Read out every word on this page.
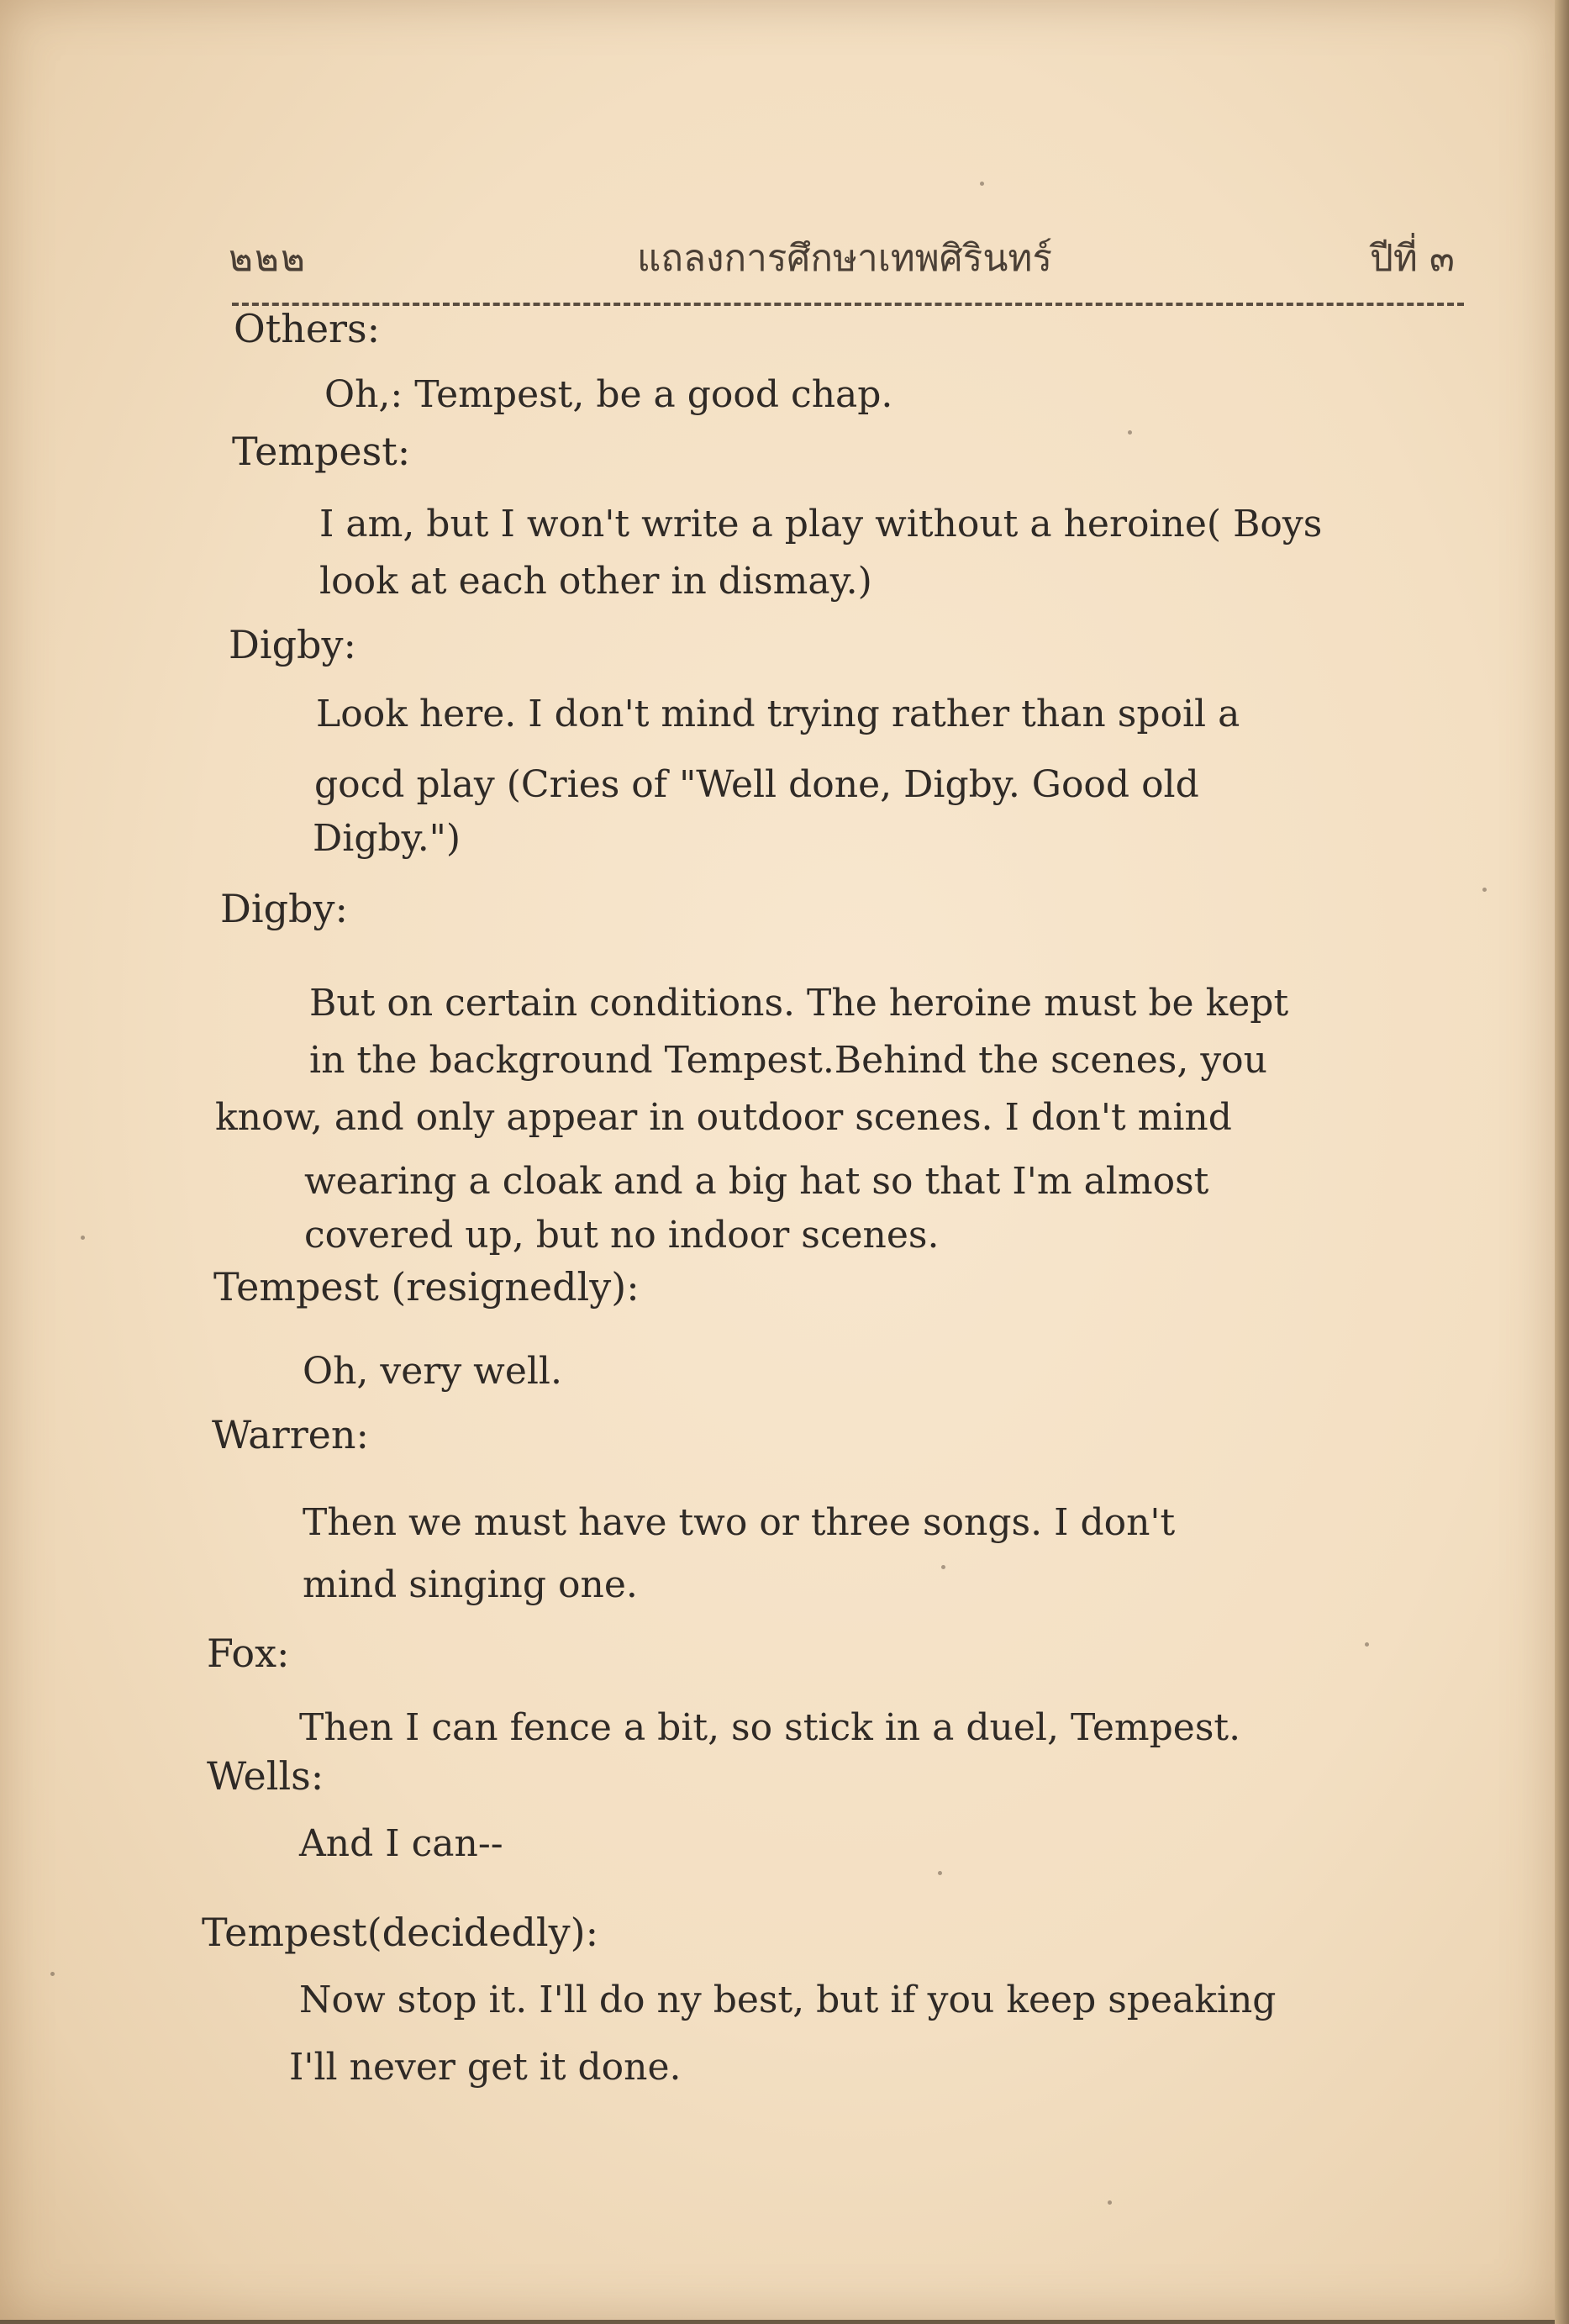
๒๒๒	แถลงการศึกษาเทพศิรินทร์	ปีที่ ๓
Others:
Oh,: Tempest, be a good chap.
Tempest:
I am, but I won't write a play without a heroine( Boys
look at each other in dismay.)
Digby:
Look here. I don't mind trying rather than spoil a
gocd play (Cries of "Well done, Digby. Good old
Digby.")
Digby:
But on certain conditions. The heroine must be kept
in the background Tempest.Behind the scenes, you
know, and only appear in outdoor scenes. I don't mind
wearing a cloak and a big hat so that I'm almost
covered up, but no indoor scenes.
Tempest (resignedly):
Oh, very well.
Warren:
Then we must have two or three songs. I don't
mind singing one.
Fox:
Then I can fence a bit, so stick in a duel, Tempest.
Wells:
And I can--
Tempest(decidedly):
Now stop it. I'll do ny best, but if you keep speaking
I'll never get it done.
